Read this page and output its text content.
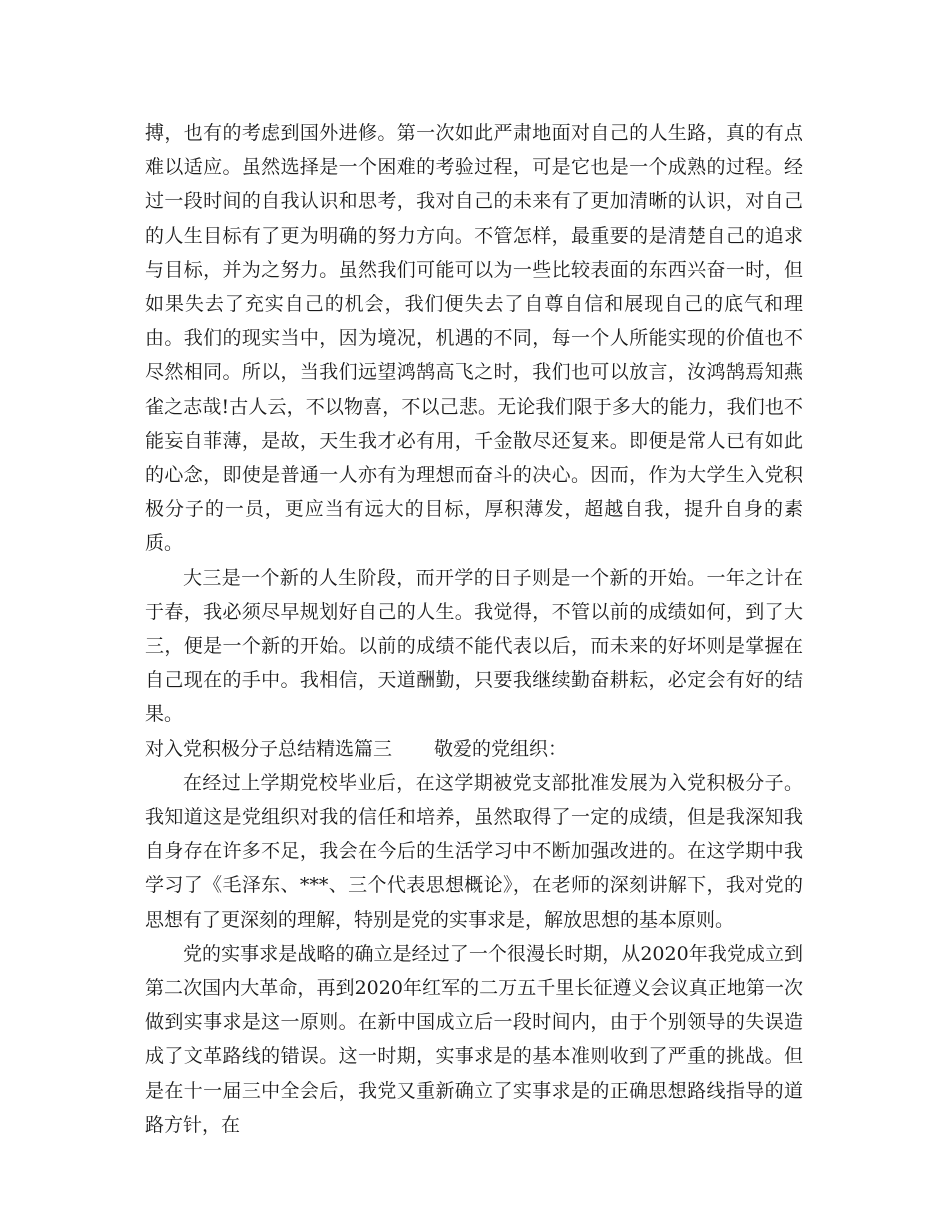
搏，也有的考虑到国外进修。第一次如此严肃地面对自己的人生路，真的有点难以适应。虽然选择是一个困难的考验过程，可是它也是一个成熟的过程。经过一段时间的自我认识和思考，我对自己的未来有了更加清晰的认识，对自己的人生目标有了更为明确的努力方向。不管怎样，最重要的是清楚自己的追求与目标，并为之努力。虽然我们可能可以为一些比较表面的东西兴奋一时，但如果失去了充实自己的机会，我们便失去了自尊自信和展现自己的底气和理由。我们的现实当中，因为境况，机遇的不同，每一个人所能实现的价值也不尽然相同。所以，当我们远望鸿鹄高飞之时，我们也可以放言，汝鸿鹄焉知燕雀之志哉!古人云，不以物喜，不以己悲。无论我们限于多大的能力，我们也不能妄自菲薄，是故，天生我才必有用，千金散尽还复来。即便是常人已有如此的心念，即使是普通一人亦有为理想而奋斗的决心。因而，作为大学生入党积极分子的一员，更应当有远大的目标，厚积薄发，超越自我，提升自身的素质。

大三是一个新的人生阶段，而开学的日子则是一个新的开始。一年之计在于春，我必须尽早规划好自己的人生。我觉得，不管以前的成绩如何，到了大三，便是一个新的开始。以前的成绩不能代表以后，而未来的好坏则是掌握在自己现在的手中。我相信，天道酬勤，只要我继续勤奋耕耘，必定会有好的结果。

对入党积极分子总结精选篇三 敬爱的党组织：

在经过上学期党校毕业后，在这学期被党支部批准发展为入党积极分子。我知道这是党组织对我的信任和培养，虽然取得了一定的成绩，但是我深知我自身存在许多不足，我会在今后的生活学习中不断加强改进的。在这学期中我学习了《毛泽东、***、三个代表思想概论》，在老师的深刻讲解下，我对党的思想有了更深刻的理解，特别是党的实事求是，解放思想的基本原则。

党的实事求是战略的确立是经过了一个很漫长时期，从2020年我党成立到第二次国内大革命，再到2020年红军的二万五千里长征遵义会议真正地第一次做到实事求是这一原则。在新中国成立后一段时间内，由于个别领导的失误造成了文革路线的错误。这一时期，实事求是的基本准则收到了严重的挑战。但是在十一届三中全会后，我党又重新确立了实事求是的正确思想路线指导的道路方针，在
